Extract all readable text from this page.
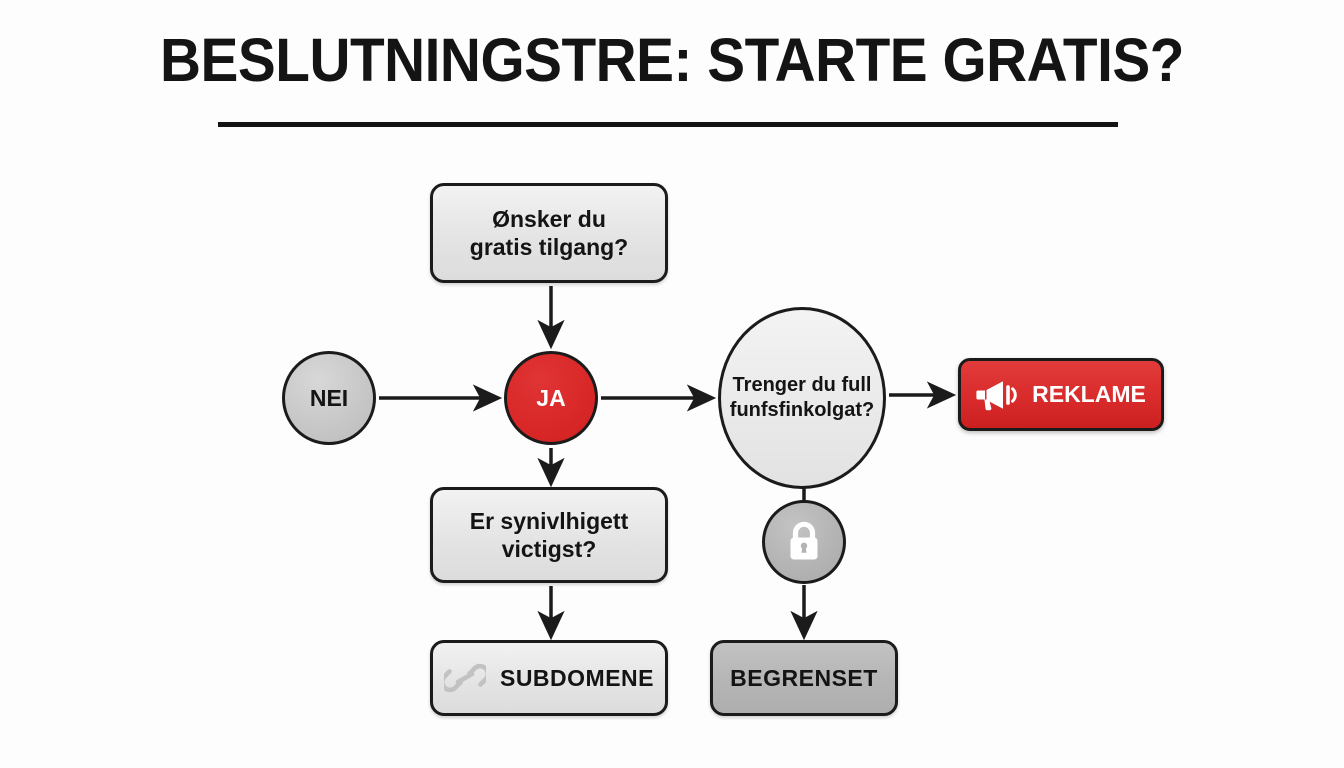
BESLUTNINGSTRE: STARTE GRATIS?
Ønsker du
gratis tilgang?
NEI	JA	Trenger du full
funfsfinkolgat?
REKLAME
Er synivlhigett
victigst?
SUBDOMENE	BEGRENSET
